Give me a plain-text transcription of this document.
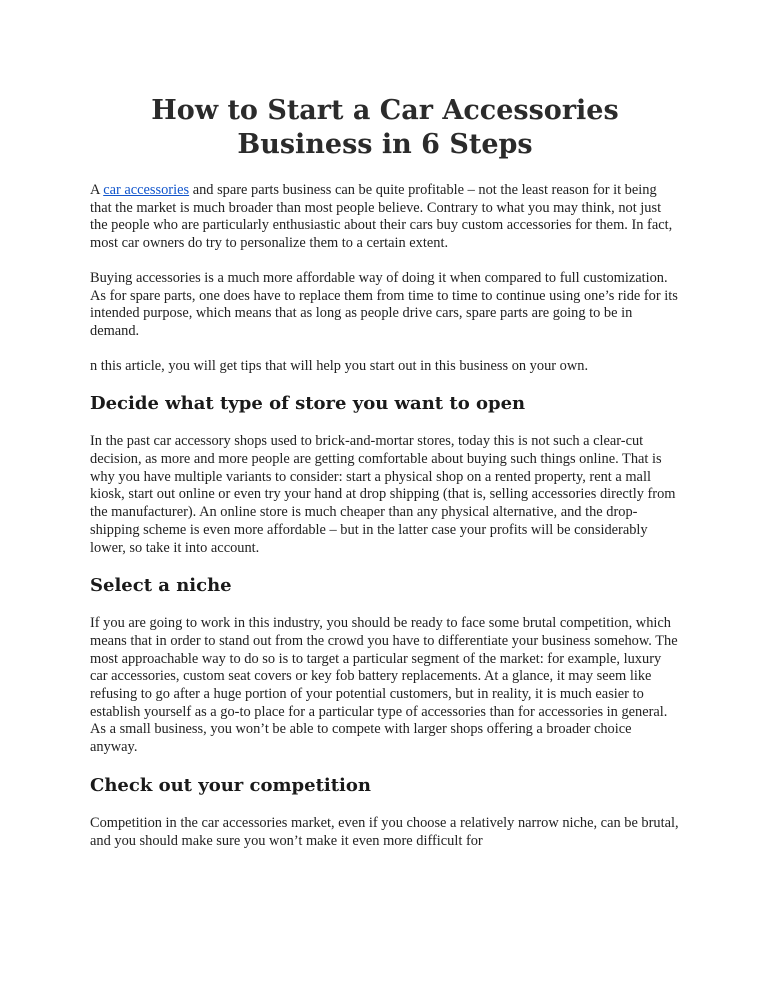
How to Start a Car Accessories Business in 6 Steps

A car accessories and spare parts business can be quite profitable – not the least reason for it being that the market is much broader than most people believe. Contrary to what you may think, not just the people who are particularly enthusiastic about their cars buy custom accessories for them. In fact, most car owners do try to personalize them to a certain extent.

Buying accessories is a much more affordable way of doing it when compared to full customization. As for spare parts, one does have to replace them from time to time to continue using one’s ride for its intended purpose, which means that as long as people drive cars, spare parts are going to be in demand.

n this article, you will get tips that will help you start out in this business on your own.

Decide what type of store you want to open

In the past car accessory shops used to brick-and-mortar stores, today this is not such a clear-cut decision, as more and more people are getting comfortable about buying such things online. That is why you have multiple variants to consider: start a physical shop on a rented property, rent a mall kiosk, start out online or even try your hand at drop shipping (that is, selling accessories directly from the manufacturer). An online store is much cheaper than any physical alternative, and the drop-shipping scheme is even more affordable – but in the latter case your profits will be considerably lower, so take it into account.

Select a niche

If you are going to work in this industry, you should be ready to face some brutal competition, which means that in order to stand out from the crowd you have to differentiate your business somehow. The most approachable way to do so is to target a particular segment of the market: for example, luxury car accessories, custom seat covers or key fob battery replacements. At a glance, it may seem like refusing to go after a huge portion of your potential customers, but in reality, it is much easier to establish yourself as a go-to place for a particular type of accessories than for accessories in general. As a small business, you won’t be able to compete with larger shops offering a broader choice anyway.

Check out your competition

Competition in the car accessories market, even if you choose a relatively narrow niche, can be brutal, and you should make sure you won’t make it even more difficult for
